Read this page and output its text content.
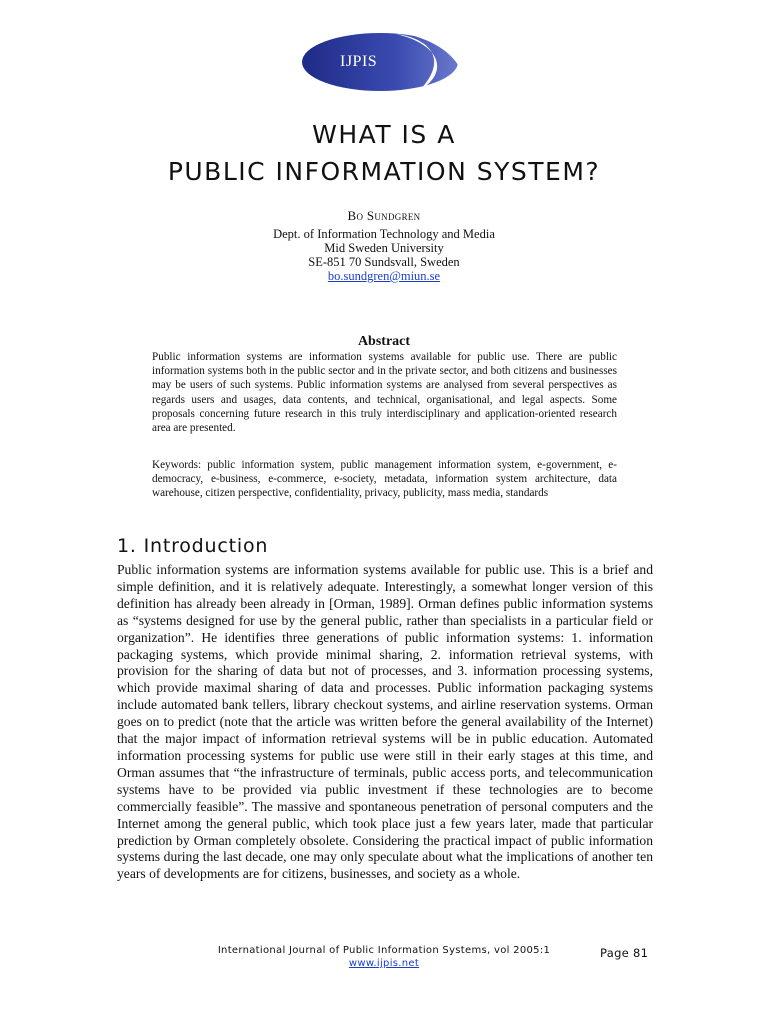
IJPIS
WHAT IS A
PUBLIC INFORMATION SYSTEM?
Bo Sundgren
Dept. of Information Technology and Media
Mid Sweden University
SE-851 70 Sundsvall, Sweden
bo.sundgren@miun.se
Abstract
Public information systems are information systems available for public use. There are public information systems both in the public sector and in the private sector, and both citizens and businesses may be users of such systems. Public information systems are analysed from several perspectives as regards users and usages, data contents, and technical, organisational, and legal aspects. Some proposals concerning future research in this truly interdisciplinary and application-oriented research area are presented.
Keywords: public information system, public management information system, e-government, e-democracy, e-business, e-commerce, e-society, metadata, information system architecture, data warehouse, citizen perspective, confidentiality, privacy, publicity, mass media, standards
1. Introduction
Public information systems are information systems available for public use. This is a brief and simple definition, and it is relatively adequate. Interestingly, a somewhat longer version of this definition has already been already in [Orman, 1989]. Orman defines public information systems as “systems designed for use by the general public, rather than specialists in a particular field or organization”. He identifies three generations of public information systems: 1. information packaging systems, which provide minimal sharing, 2. information retrieval systems, with provision for the sharing of data but not of processes, and 3. information processing systems, which provide maximal sharing of data and processes. Public information packaging systems include automated bank tellers, library checkout systems, and airline reservation systems. Orman goes on to predict (note that the article was written before the general availability of the Internet) that the major impact of information retrieval systems will be in public education. Automated information processing systems for public use were still in their early stages at this time, and Orman assumes that “the infrastructure of terminals, public access ports, and telecommunication systems have to be provided via public investment if these technologies are to become commercially feasible”. The massive and spontaneous penetration of personal computers and the Internet among the general public, which took place just a few years later, made that particular prediction by Orman completely obsolete. Considering the practical impact of public information systems during the last decade, one may only speculate about what the implications of another ten years of developments are for citizens, businesses, and society as a whole.
International Journal of Public Information Systems, vol 2005:1
www.ijpis.net
Page 81
